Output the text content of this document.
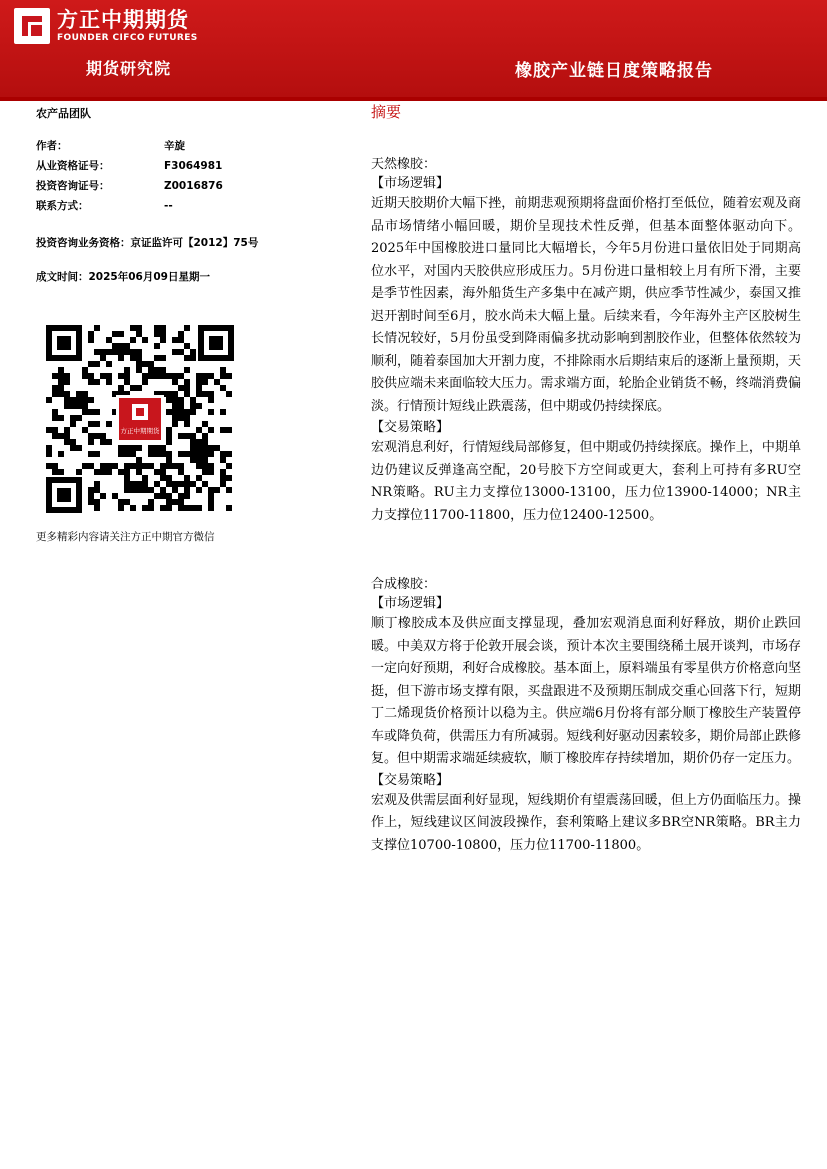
方正中期期货
FOUNDER CIFCO FUTURES
期货研究院	橡胶产业链日度策略报告

农产品团队

作者：	辛旋
从业资格证号：	F3064981
投资咨询证号：	Z0016876
联系方式：	--
投资咨询业务资格：京证监许可【2012】75号
成文时间：2025年06月09日星期一
方正中期期货
更多精彩内容请关注方正中期官方微信

摘要

天然橡胶：

【市场逻辑】

近期天胶期价大幅下挫，前期悲观预期将盘面价格打至低位，随着宏观及商品市场情绪小幅回暖，期价呈现技术性反弹，但基本面整体驱动向下。2025年中国橡胶进口量同比大幅增长，今年5月份进口量依旧处于同期高位水平，对国内天胶供应形成压力。5月份进口量相较上月有所下滑，主要是季节性因素，海外船货生产多集中在减产期，供应季节性减少，泰国又推迟开割时间至6月，胶水尚未大幅上量。后续来看，今年海外主产区胶树生长情况较好，5月份虽受到降雨偏多扰动影响到割胶作业，但整体依然较为顺利，随着泰国加大开割力度，不排除雨水后期结束后的逐渐上量预期，天胶供应端未来面临较大压力。需求端方面，轮胎企业销货不畅，终端消费偏淡。行情预计短线止跌震荡，但中期或仍持续探底。

【交易策略】

宏观消息利好，行情短线局部修复，但中期或仍持续探底。操作上，中期单边仍建议反弹逢高空配，20号胶下方空间或更大，套利上可持有多RU空NR策略。RU主力支撑位13000-13100，压力位13900-14000；NR主力支撑位11700-11800，压力位12400-12500。

合成橡胶：

【市场逻辑】

顺丁橡胶成本及供应面支撑显现，叠加宏观消息面利好释放，期价止跌回暖。中美双方将于伦敦开展会谈，预计本次主要围绕稀土展开谈判，市场存一定向好预期，利好合成橡胶。基本面上，原料端虽有零星供方价格意向坚挺，但下游市场支撑有限，买盘跟进不及预期压制成交重心回落下行，短期丁二烯现货价格预计以稳为主。供应端6月份将有部分顺丁橡胶生产装置停车或降负荷，供需压力有所减弱。短线利好驱动因素较多，期价局部止跌修复。但中期需求端延续疲软，顺丁橡胶库存持续增加，期价仍存一定压力。

【交易策略】

宏观及供需层面利好显现，短线期价有望震荡回暖，但上方仍面临压力。操作上，短线建议区间波段操作，套利策略上建议多BR空NR策略。BR主力支撑位10700-10800，压力位11700-11800。
